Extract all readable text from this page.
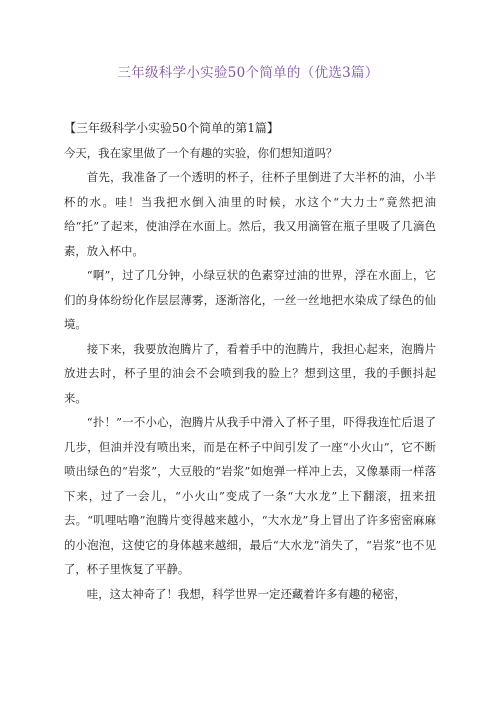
三年级科学小实验50个简单的（优选3篇）

【三年级科学小实验50个简单的第1篇】

今天，我在家里做了一个有趣的实验，你们想知道吗？

首先，我准备了一个透明的杯子，往杯子里倒进了大半杯的油，小半杯的水。哇！当我把水倒入油里的时候，水这个“大力士”竟然把油给“托”了起来，使油浮在水面上。然后，我又用滴管在瓶子里吸了几滴色素，放入杯中。

“啊”，过了几分钟，小绿豆状的色素穿过油的世界，浮在水面上，它们的身体纷纷化作层层薄雾，逐渐溶化，一丝一丝地把水染成了绿色的仙境。

接下来，我要放泡腾片了，看着手中的泡腾片，我担心起来，泡腾片放进去时，杯子里的油会不会喷到我的脸上？想到这里，我的手颤抖起来。

“扑！”一不小心，泡腾片从我手中滑入了杯子里，吓得我连忙后退了几步，但油并没有喷出来，而是在杯子中间引发了一座“小火山”，它不断喷出绿色的“岩浆”，大豆般的“岩浆”如炮弹一样冲上去，又像暴雨一样落下来，过了一会儿，“小火山”变成了一条“大水龙”上下翻滚，扭来扭去。“叽哩咕噜”泡腾片变得越来越小，“大水龙”身上冒出了许多密密麻麻的小泡泡，这使它的身体越来越细，最后“大水龙”消失了，“岩浆”也不见了，杯子里恢复了平静。

哇，这太神奇了！我想，科学世界一定还藏着许多有趣的秘密，
